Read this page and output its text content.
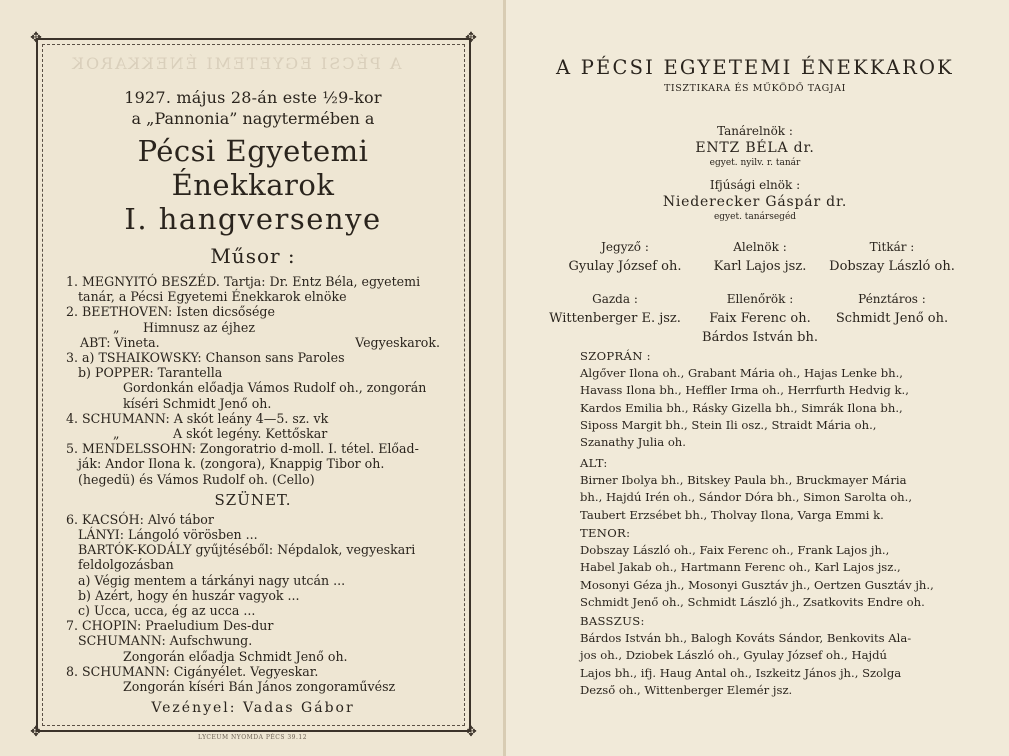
A PÉCSI EGYETEMI ÉNEKKAROK
✥	✥
✥	✥
1927. május 28-án este ½9-kor
a „Pannonia” nagytermében a
Pécsi Egyetemi Énekkarok
I. hangversenye
Műsor :
1. MEGNYITÓ BESZÉD. Tartja: Dr. Entz Béla, egyetemi
tanár, a Pécsi Egyetemi Énekkarok elnöke
2. BEETHOVEN: Isten dicsősége
„ Himnusz az éjhez
ABT: Vineta.	Vegyeskarok.
3. a) TSHAIKOWSKY: Chanson sans Paroles
b) POPPER: Tarantella
Gordonkán előadja Vámos Rudolf oh., zongorán
kíséri Schmidt Jenő oh.
4. SCHUMANN: A skót leány 4—5. sz. vk
„	A skót legény. Kettőskar
5. MENDELSSOHN: Zongoratrio d-moll. I. tétel. Előad-
ják: Andor Ilona k. (zongora), Knappig Tibor oh.
(hegedü) és Vámos Rudolf oh. (Cello)
SZÜNET.
6. KACSÓH: Alvó tábor
LÁNYI: Lángoló vörösben ...
BARTÓK-KODÁLY gyűjtéséből: Népdalok, vegyeskari
feldolgozásban
a) Végig mentem a tárkányi nagy utcán ...
b) Azért, hogy én huszár vagyok ...
c) Ucca, ucca, ég az ucca ...
7. CHOPIN: Praeludium Des-dur
SCHUMANN: Aufschwung.
Zongorán előadja Schmidt Jenő oh.
8. SCHUMANN: Cigányélet. Vegyeskar.
Zongorán kíséri Bán János zongoraművész
Vezényel: Vadas Gábor
LYCEUM NYOMDA PÉCS 39.12
A PÉCSI EGYETEMI ÉNEKKAROK
TISZTIKARA ÉS MŰKÖDŐ TAGJAI
Tanárelnök :
ENTZ BÉLA dr.
egyet. nyilv. r. tanár
Ifjúsági elnök :
Niederecker Gáspár dr.
egyet. tanársegéd
Jegyző :
Gyulay József oh.
Alelnök :
Karl Lajos jsz.
Titkár :
Dobszay László oh.
Gazda :
Wittenberger E. jsz.
Ellenőrök :
Faix Ferenc oh.
Bárdos István bh.
Pénztáros :
Schmidt Jenő oh.
SZOPRÁN :
Algőver Ilona oh., Grabant Mária oh., Hajas Lenke bh.,
Havass Ilona bh., Heffler Irma oh., Herrfurth Hedvig k.,
Kardos Emilia bh., Rásky Gizella bh., Simrák Ilona bh.,
Siposs Margit bh., Stein Ili osz., Straidt Mária oh.,
Szanathy Julia oh.
ALT:
Birner Ibolya bh., Bitskey Paula bh., Bruckmayer Mária
bh., Hajdú Irén oh., Sándor Dóra bh., Simon Sarolta oh.,
Taubert Erzsébet bh., Tholvay Ilona, Varga Emmi k.
TENOR:
Dobszay László oh., Faix Ferenc oh., Frank Lajos jh.,
Habel Jakab oh., Hartmann Ferenc oh., Karl Lajos jsz.,
Mosonyi Géza jh., Mosonyi Gusztáv jh., Oertzen Gusztáv jh.,
Schmidt Jenő oh., Schmidt László jh., Zsatkovits Endre oh.
BASSZUS:
Bárdos István bh., Balogh Kováts Sándor, Benkovits Ala-
jos oh., Dziobek László oh., Gyulay József oh., Hajdú
Lajos bh., ifj. Haug Antal oh., Iszkeitz János jh., Szolga
Dezső oh., Wittenberger Elemér jsz.
